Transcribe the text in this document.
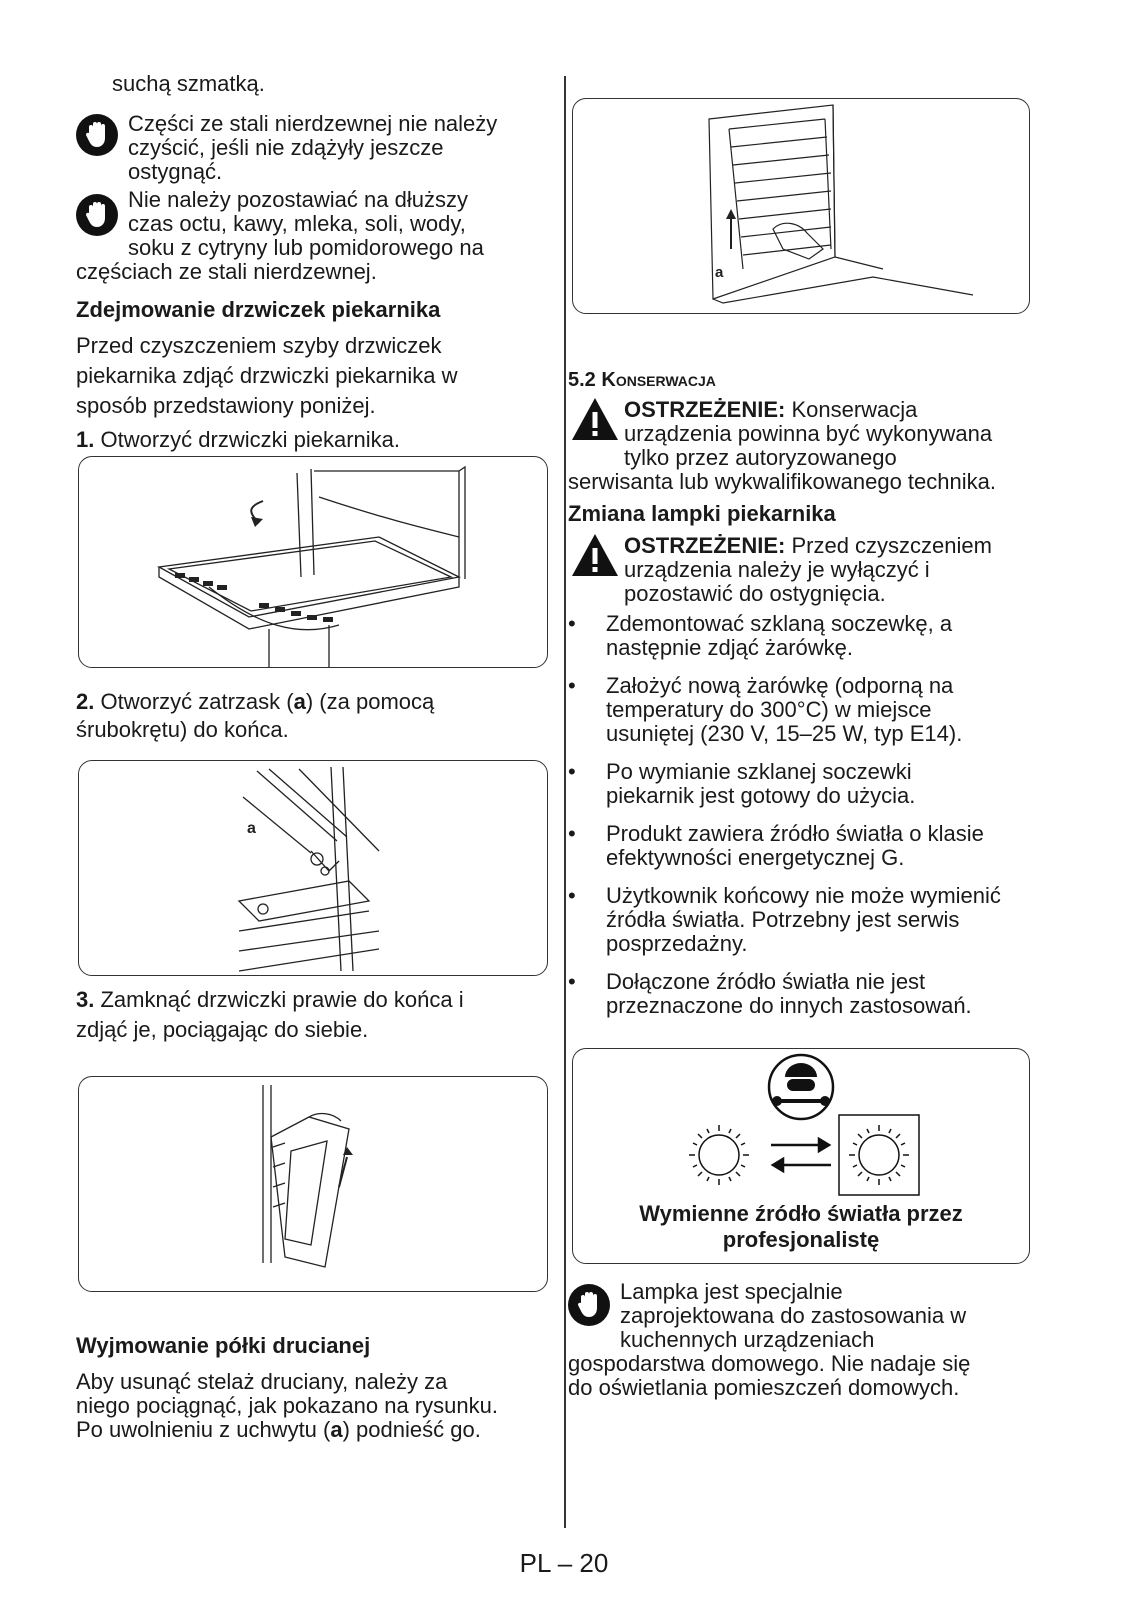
suchą szmatką.
Części ze stali nierdzewnej nie należy
czyścić, jeśli nie zdążyły jeszcze
ostygnąć.
Nie należy pozostawiać na dłuższy
czas octu, kawy, mleka, soli, wody,
soku z cytryny lub pomidorowego na
częściach ze stali nierdzewnej.
Zdejmowanie drzwiczek piekarnika
Przed czyszczeniem szyby drzwiczek
piekarnika zdjąć drzwiczki piekarnika w
sposób przedstawiony poniżej.
1. Otworzyć drzwiczki piekarnika.
2. Otworzyć zatrzask (a) (za pomocą
śrubokrętu) do końca.
a
3. Zamknąć drzwiczki prawie do końca i
zdjąć je, pociągając do siebie.
Wyjmowanie półki drucianej
Aby usunąć stelaż druciany, należy za
niego pociągnąć, jak pokazano na rysunku.
Po uwolnieniu z uchwytu (a) podnieść go.
a
5.2 Konserwacja
OSTRZEŻENIE: Konserwacja
urządzenia powinna być wykonywana
tylko przez autoryzowanego
serwisanta lub wykwalifikowanego technika.
Zmiana lampki piekarnika
OSTRZEŻENIE: Przed czyszczeniem
urządzenia należy je wyłączyć i
pozostawić do ostygnięcia.
• Zdemontować szklaną soczewkę, a
następnie zdjąć żarówkę.
• Założyć nową żarówkę (odporną na
temperatury do 300°C) w miejsce
usuniętej (230 V, 15–25 W, typ E14).
• Po wymianie szklanej soczewki
piekarnik jest gotowy do użycia.
• Produkt zawiera źródło światła o klasie
efektywności energetycznej G.
• Użytkownik końcowy nie może wymienić
źródła światła. Potrzebny jest serwis
posprzedażny.
• Dołączone źródło światła nie jest
przeznaczone do innych zastosowań.
Wymienne źródło światła przez
profesjonalistę
Lampka jest specjalnie
zaprojektowana do zastosowania w
kuchennych urządzeniach
gospodarstwa domowego. Nie nadaje się
do oświetlania pomieszczeń domowych.
PL – 20
